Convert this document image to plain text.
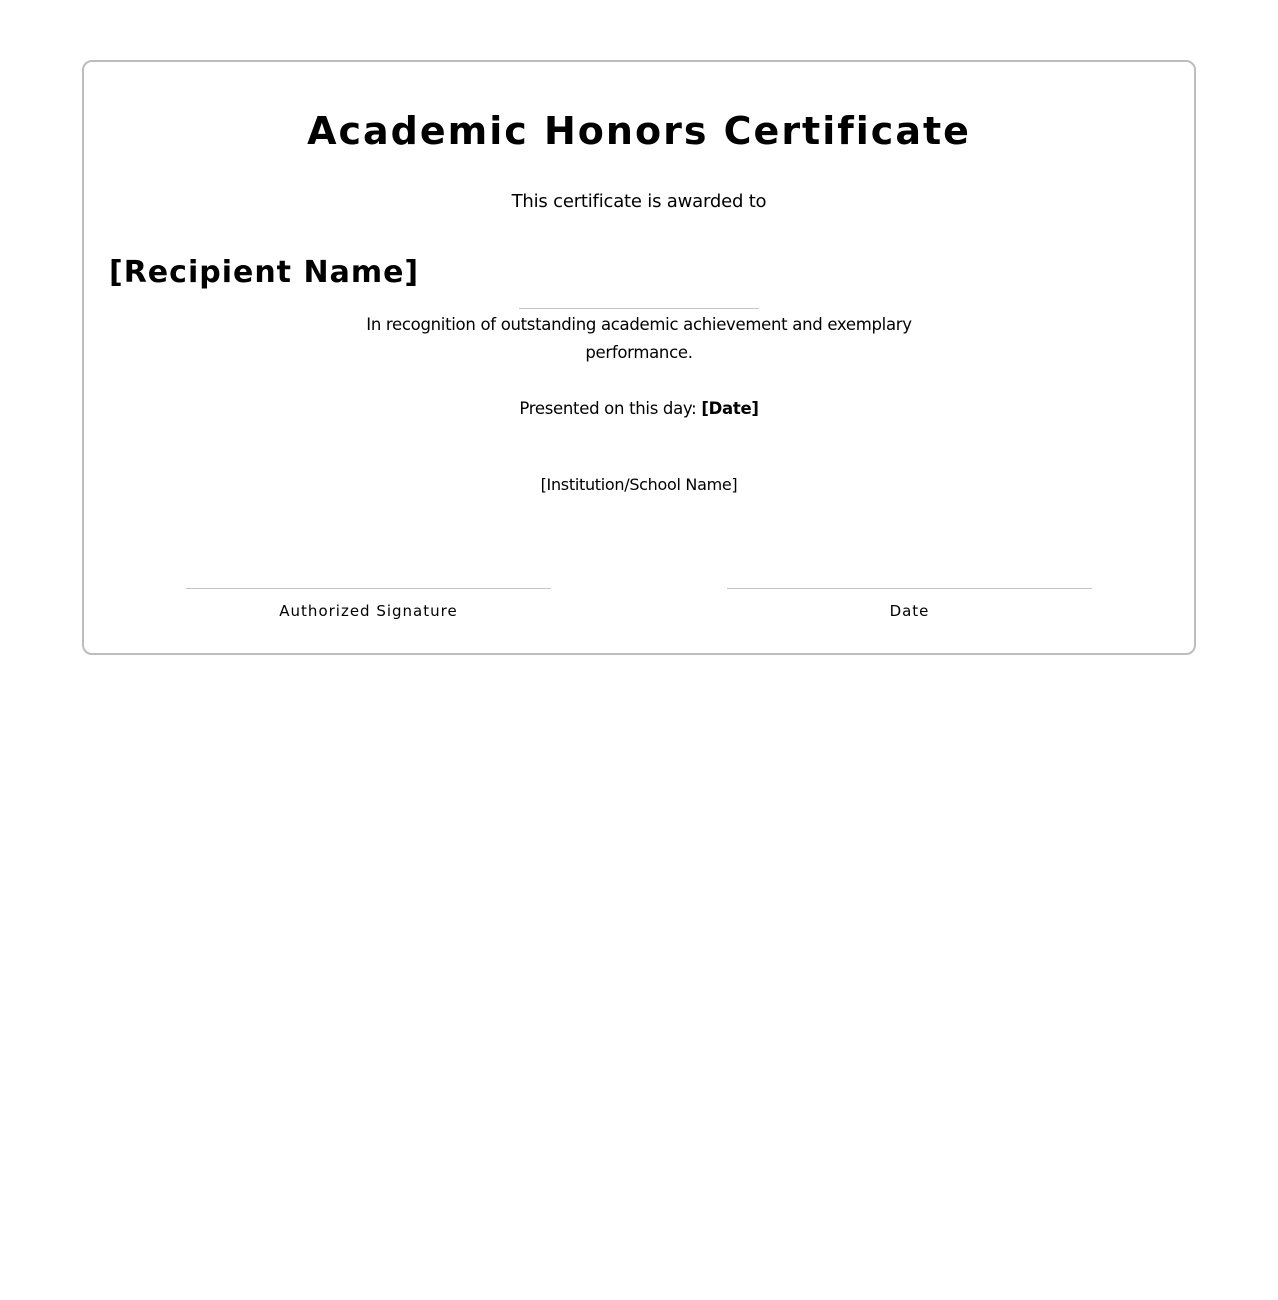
Academic Honors Certificate
This certificate is awarded to
[Recipient Name]
In recognition of outstanding academic achievement and exemplary performance.
Presented on this day: [Date]
[Institution/School Name]
Authorized Signature	Date
